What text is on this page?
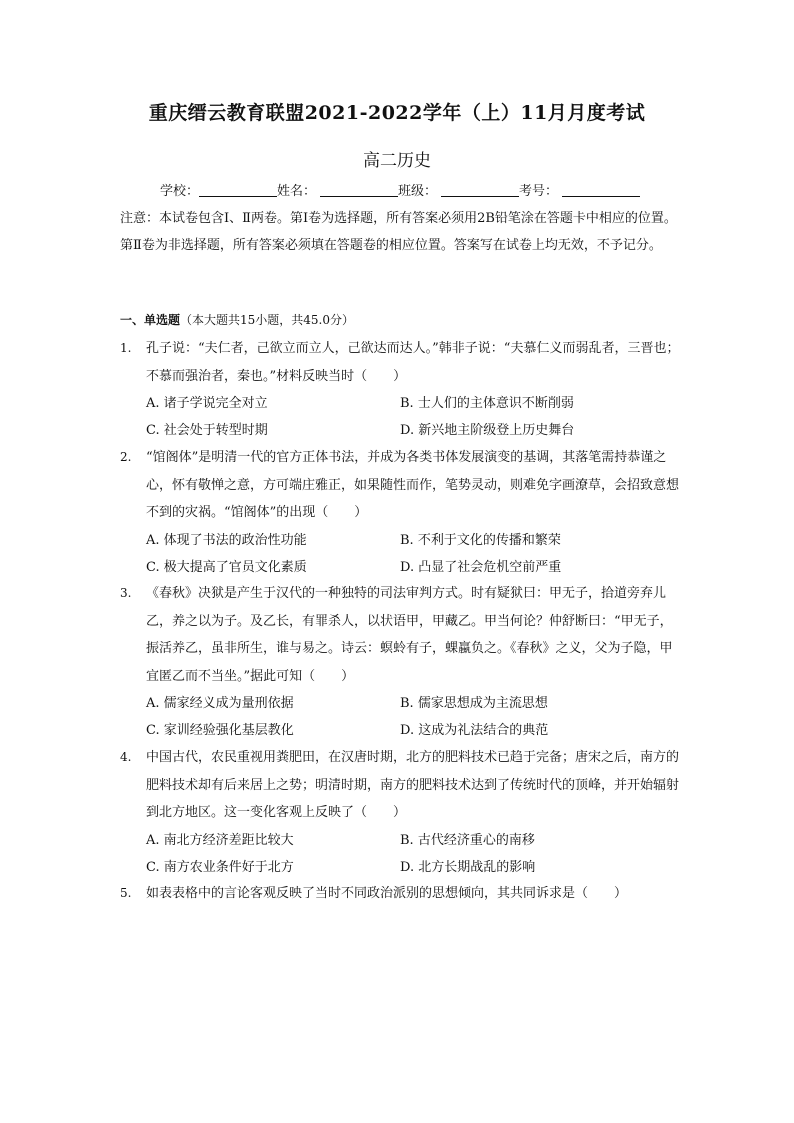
重庆缙云教育联盟2021-2022学年（上）11月月度考试
高二历史
学校：	姓名：	班级：	考号：
注意：本试卷包含Ⅰ、Ⅱ两卷。第Ⅰ卷为选择题，所有答案必须用2B铅笔涂在答题卡中相应的位置。第Ⅱ卷为非选择题，所有答案必须填在答题卷的相应位置。答案写在试卷上均无效，不予记分。
一、单选题（本大题共15小题，共45.0分）
1.	孔子说：“夫仁者，己欲立而立人，己欲达而达人。”韩非子说：“夫慕仁义而弱乱者，三晋也；不慕而强治者，秦也。”材料反映当时（　　）
A. 诸子学说完全对立	B. 士人们的主体意识不断削弱
C. 社会处于转型时期	D. 新兴地主阶级登上历史舞台
2.	“馆阁体”是明清一代的官方正体书法，并成为各类书体发展演变的基调，其落笔需持恭谨之心，怀有敬惮之意，方可端庄雅正，如果随性而作，笔势灵动，则难免字画潦草，会招致意想不到的灾祸。“馆阁体”的出现（　　）
A. 体现了书法的政治性功能	B. 不利于文化的传播和繁荣
C. 极大提高了官员文化素质	D. 凸显了社会危机空前严重
3.	《春秋》决狱是产生于汉代的一种独特的司法审判方式。时有疑狱曰：甲无子，拾道旁弃儿乙，养之以为子。及乙长，有罪杀人，以状语甲，甲藏乙。甲当何论？仲舒断曰：“甲无子，振活养乙，虽非所生，谁与易之。诗云：螟蛉有子，蜾蠃负之。《春秋》之义，父为子隐，甲宜匿乙而不当坐。”据此可知（　　）
A. 儒家经义成为量刑依据	B. 儒家思想成为主流思想
C. 家训经验强化基层教化	D. 这成为礼法结合的典范
4.	中国古代，农民重视用粪肥田，在汉唐时期，北方的肥料技术已趋于完备；唐宋之后，南方的肥料技术却有后来居上之势；明清时期，南方的肥料技术达到了传统时代的顶峰，并开始辐射到北方地区。这一变化客观上反映了（　　）
A. 南北方经济差距比较大	B. 古代经济重心的南移
C. 南方农业条件好于北方	D. 北方长期战乱的影响
5.	如表表格中的言论客观反映了当时不同政治派别的思想倾向，其共同诉求是（　　）
